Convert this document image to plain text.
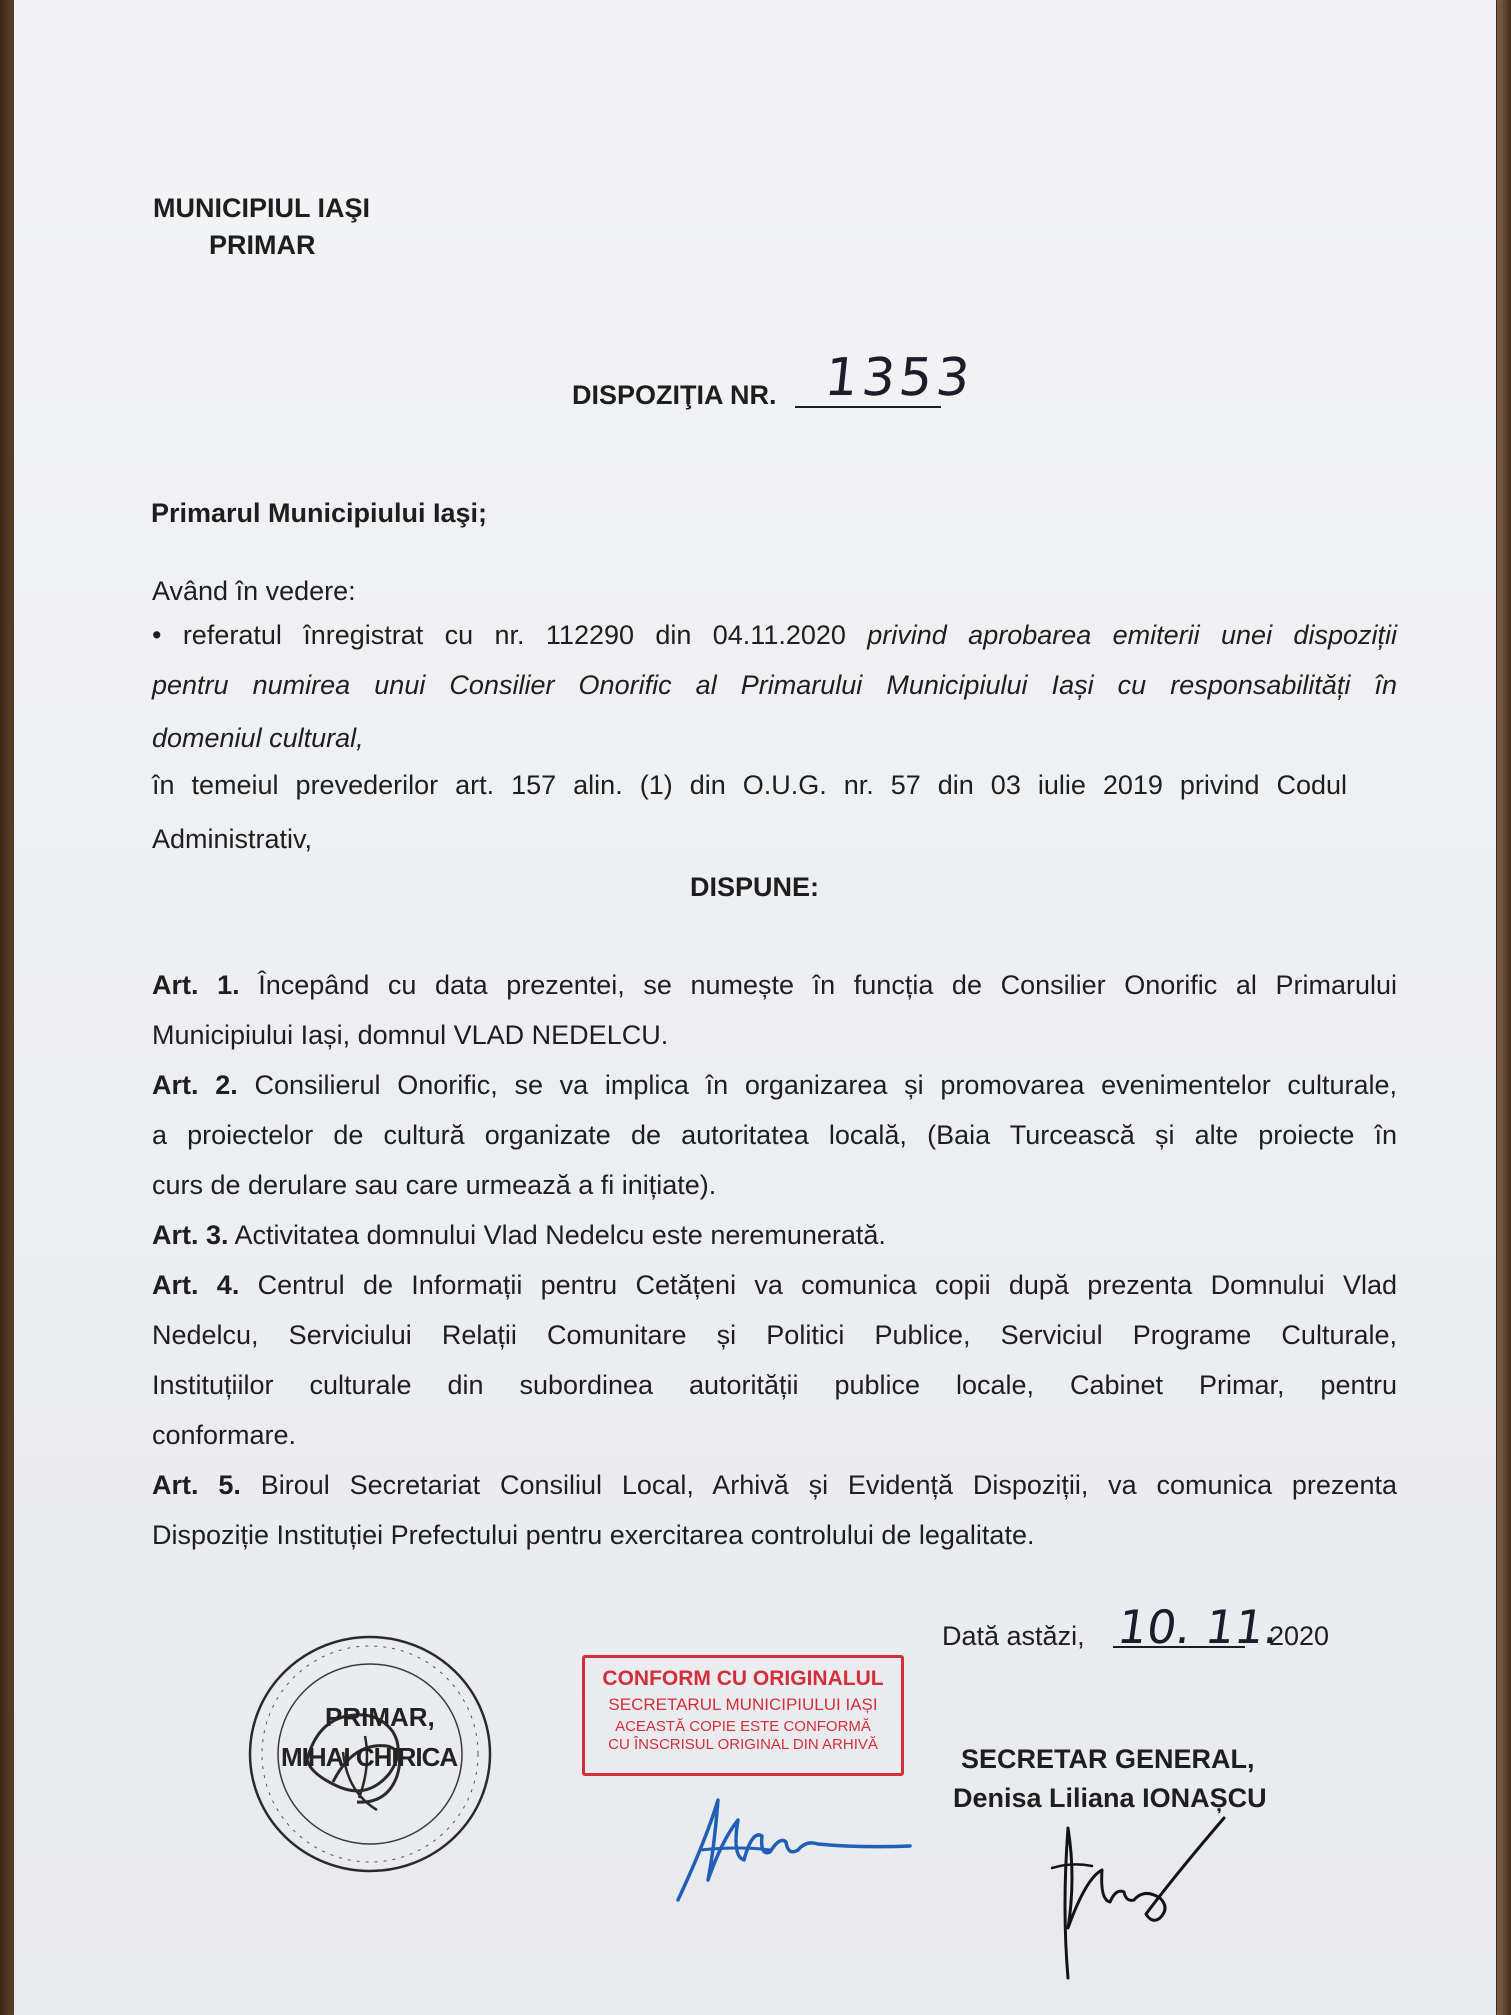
MUNICIPIUL IAŞI
PRIMAR
DISPOZIŢIA NR. 1353
Primarul Municipiului Iaşi;
Având în vedere:
• referatul înregistrat cu nr. 112290 din 04.11.2020 privind aprobarea emiterii unei dispoziții
pentru numirea unui Consilier Onorific al Primarului Municipiului Iași cu responsabilități în
domeniul cultural,
în temeiul prevederilor art. 157 alin. (1) din O.U.G. nr. 57 din 03 iulie 2019 privind Codul
Administrativ,
DISPUNE:
Art. 1. Începând cu data prezentei, se numește în funcția de Consilier Onorific al Primarului
Municipiului Iași, domnul VLAD NEDELCU.
Art. 2. Consilierul Onorific, se va implica în organizarea și promovarea evenimentelor culturale,
a proiectelor de cultură organizate de autoritatea locală, (Baia Turcească și alte proiecte în
curs de derulare sau care urmează a fi inițiate).
Art. 3. Activitatea domnului Vlad Nedelcu este neremunerată.
Art. 4. Centrul de Informații pentru Cetățeni va comunica copii după prezenta Domnului Vlad
Nedelcu, Serviciului Relații Comunitare și Politici Publice, Serviciul Programe Culturale,
Instituțiilor culturale din subordinea autorității publice locale, Cabinet Primar, pentru
conformare.
Art. 5. Biroul Secretariat Consiliul Local, Arhivă și Evidență Dispoziții, va comunica prezenta
Dispoziție Instituției Prefectului pentru exercitarea controlului de legalitate.
Dată astăzi, 10. 11.
2020
PRIMAR,
MIHAI CHIRICA
CONFORM CU ORIGINALUL
SECRETARUL MUNICIPIULUI IAȘI
ACEASTĂ COPIE ESTE CONFORMĂ
CU ÎNSCRISUL ORIGINAL DIN ARHIVĂ	SECRETAR GENERAL,
Denisa Liliana IONAȘCU
